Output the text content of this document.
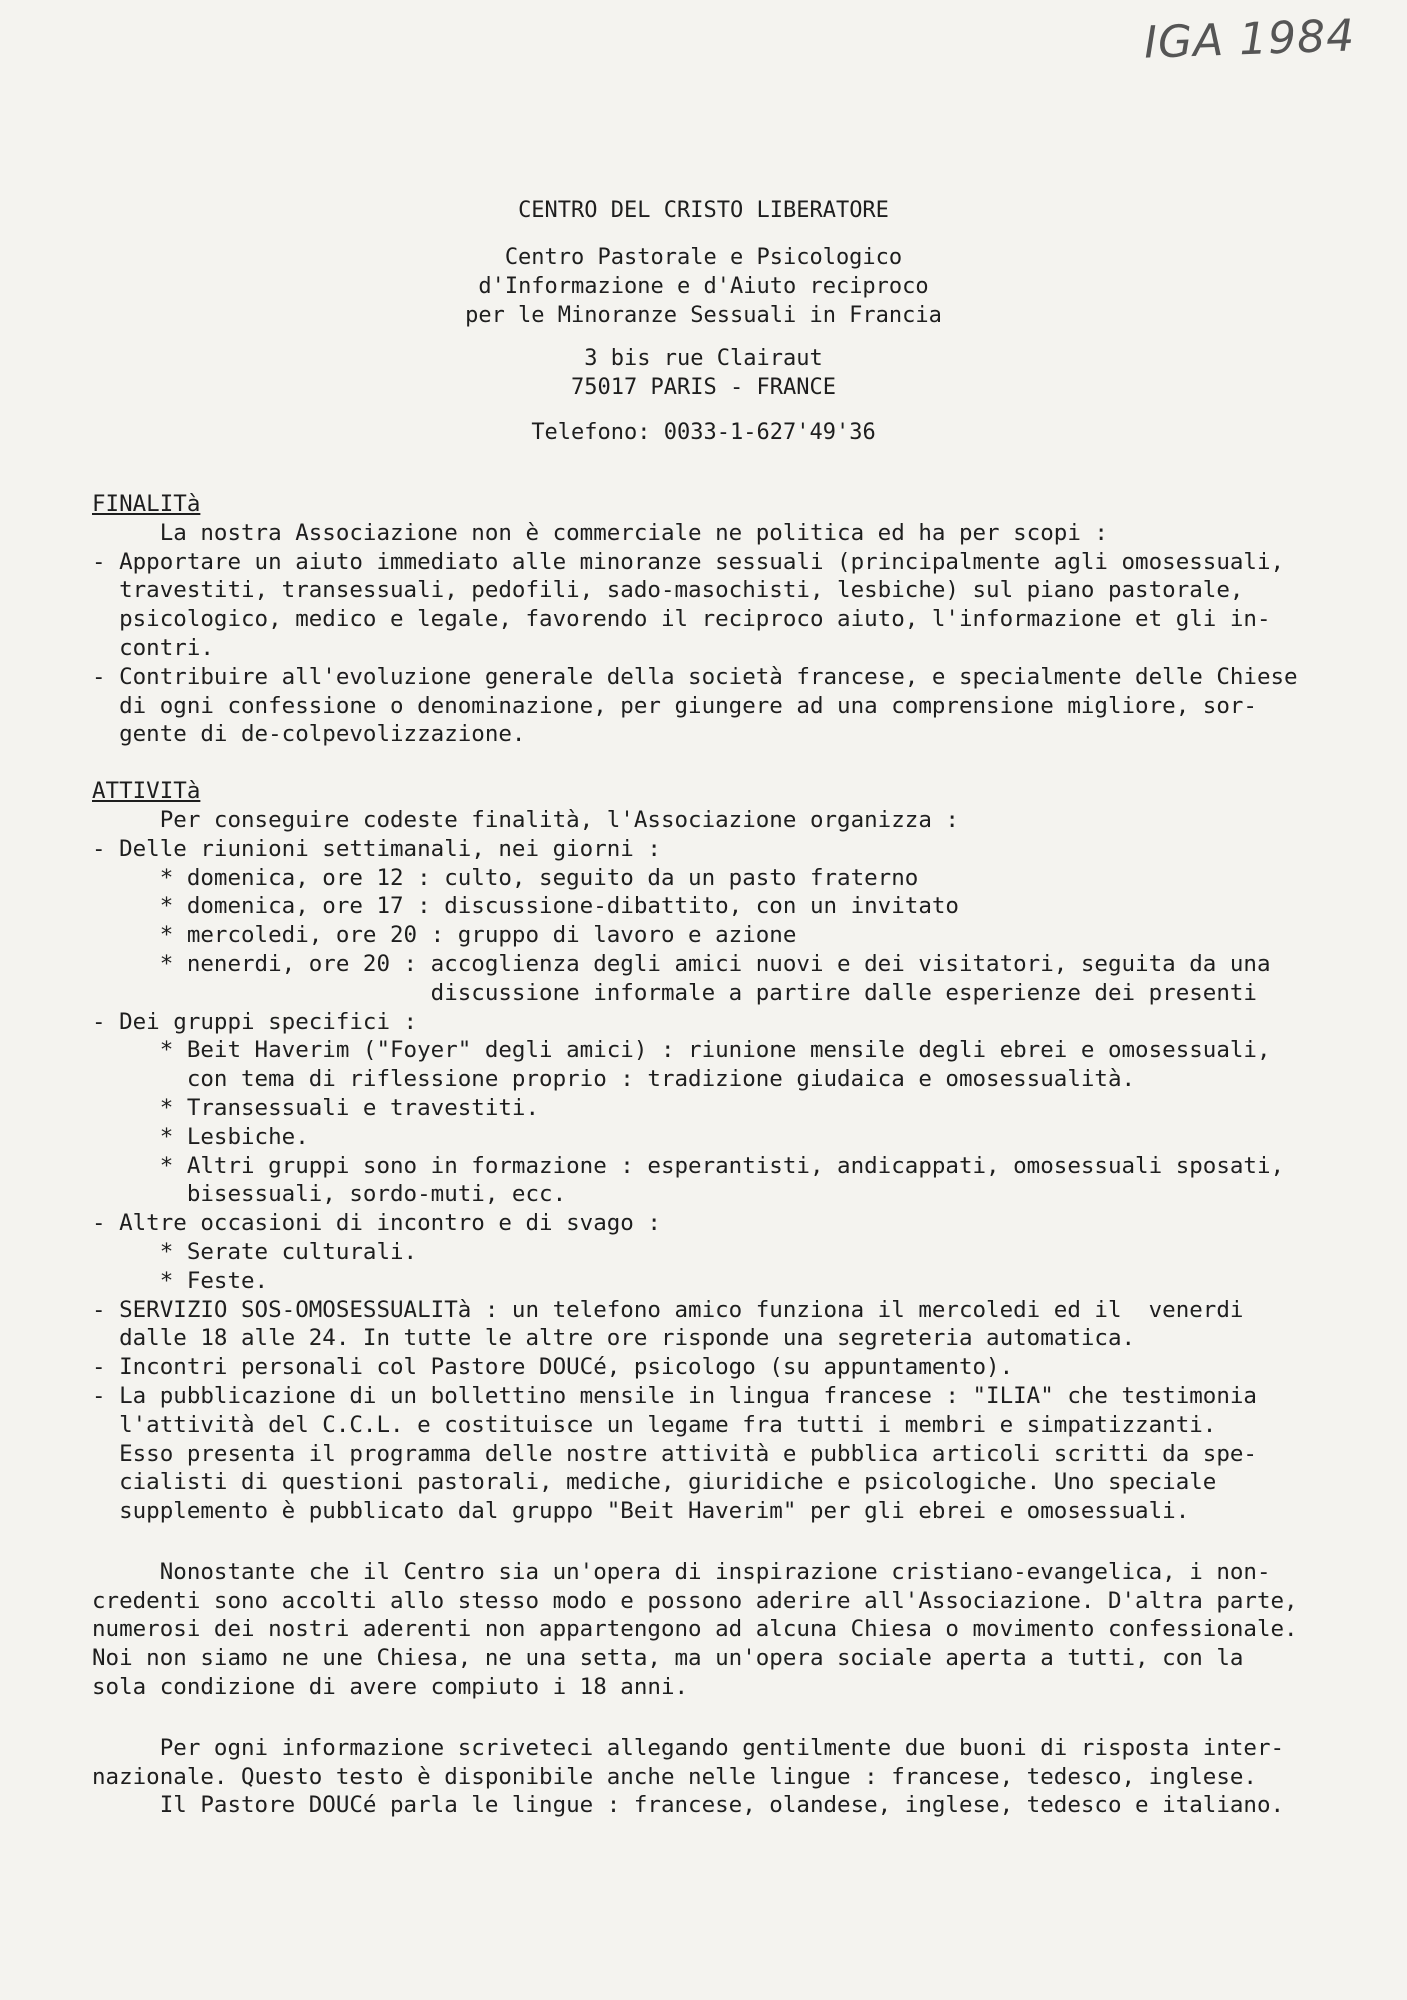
IGA 1984
CENTRO DEL CRISTO LIBERATORE
Centro Pastorale e Psicologico
d'Informazione e d'Aiuto reciproco
per le Minoranze Sessuali in Francia
3 bis rue Clairaut
75017 PARIS - FRANCE
Telefono: 0033-1-627'49'36
FINALITà
La nostra Associazione non è commerciale ne politica ed ha per scopi :
- Apportare un aiuto immediato alle minoranze sessuali (principalmente agli omosessuali,
travestiti, transessuali, pedofili, sado-masochisti, lesbiche) sul piano pastorale,
psicologico, medico e legale, favorendo il reciproco aiuto, l'informazione et gli in-
contri.
- Contribuire all'evoluzione generale della società francese, e specialmente delle Chiese
di ogni confessione o denominazione, per giungere ad una comprensione migliore, sor-
gente di de-colpevolizzazione.
ATTIVITà
Per conseguire codeste finalità, l'Associazione organizza :
- Delle riunioni settimanali, nei giorni :
* domenica, ore 12 : culto, seguito da un pasto fraterno
* domenica, ore 17 : discussione-dibattito, con un invitato
* mercoledi, ore 20 : gruppo di lavoro e azione
* nenerdi, ore 20 : accoglienza degli amici nuovi e dei visitatori, seguita da una
discussione informale a partire dalle esperienze dei presenti
- Dei gruppi specifici :
* Beit Haverim ("Foyer" degli amici) : riunione mensile degli ebrei e omosessuali,
con tema di riflessione proprio : tradizione giudaica e omosessualità.
* Transessuali e travestiti.
* Lesbiche.
* Altri gruppi sono in formazione : esperantisti, andicappati, omosessuali sposati,
bisessuali, sordo-muti, ecc.
- Altre occasioni di incontro e di svago :
* Serate culturali.
* Feste.
- SERVIZIO SOS-OMOSESSUALITà : un telefono amico funziona il mercoledi ed il  venerdi
dalle 18 alle 24. In tutte le altre ore risponde una segreteria automatica.
- Incontri personali col Pastore DOUCé, psicologo (su appuntamento).
- La pubblicazione di un bollettino mensile in lingua francese : "ILIA" che testimonia
l'attività del C.C.L. e costituisce un legame fra tutti i membri e simpatizzanti.
Esso presenta il programma delle nostre attività e pubblica articoli scritti da spe-
cialisti di questioni pastorali, mediche, giuridiche e psicologiche. Uno speciale
supplemento è pubblicato dal gruppo "Beit Haverim" per gli ebrei e omosessuali.
Nonostante che il Centro sia un'opera di inspirazione cristiano-evangelica, i non-
credenti sono accolti allo stesso modo e possono aderire all'Associazione. D'altra parte,
numerosi dei nostri aderenti non appartengono ad alcuna Chiesa o movimento confessionale.
Noi non siamo ne une Chiesa, ne una setta, ma un'opera sociale aperta a tutti, con la
sola condizione di avere compiuto i 18 anni.
Per ogni informazione scriveteci allegando gentilmente due buoni di risposta inter-
nazionale. Questo testo è disponibile anche nelle lingue : francese, tedesco, inglese.
Il Pastore DOUCé parla le lingue : francese, olandese, inglese, tedesco e italiano.
